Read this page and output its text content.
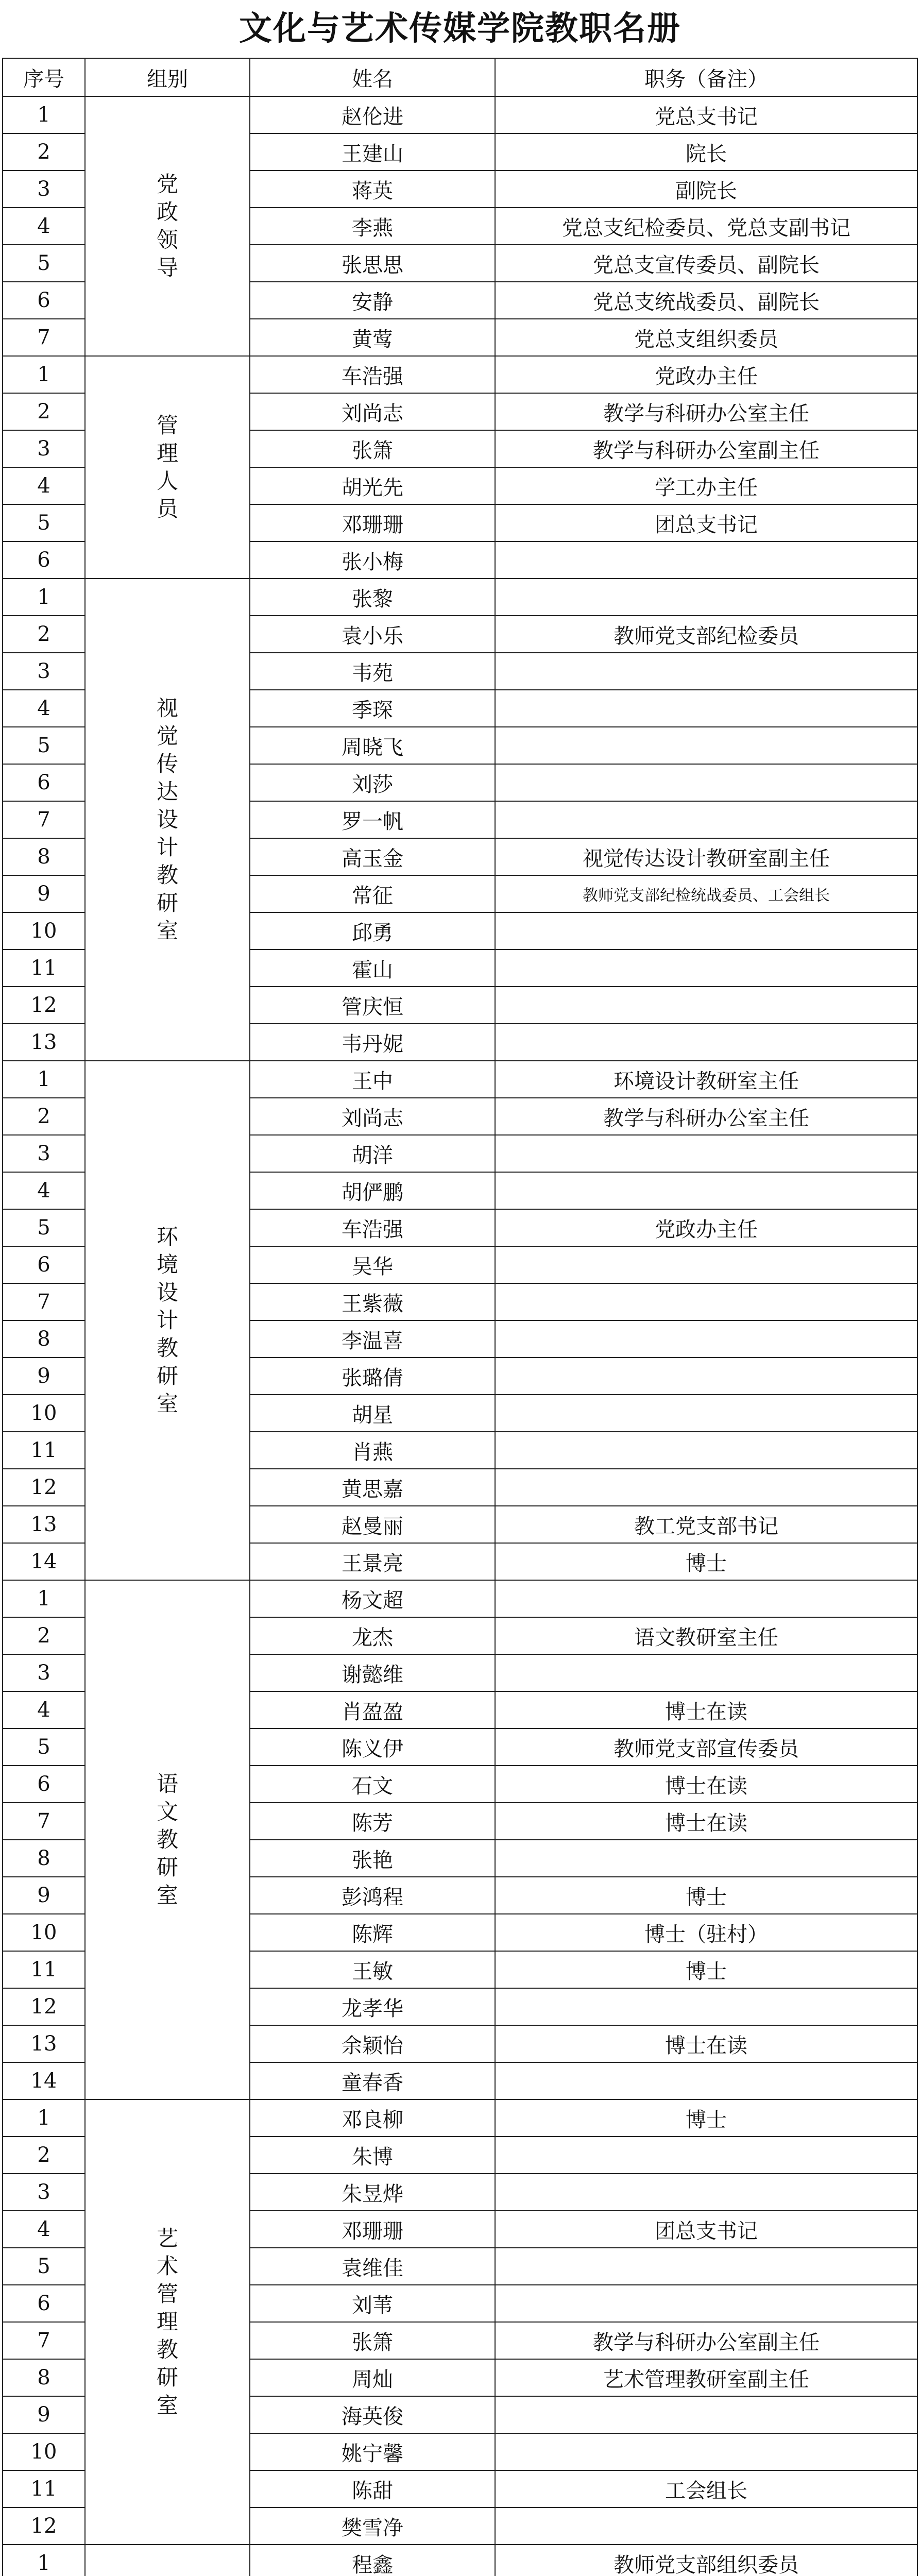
文化与艺术传媒学院教职名册
序号	组别	姓名	职务（备注）
1	党政领导	赵伦进	党总支书记
2		王建山	院长
3		蒋英	副院长
4		李燕	党总支纪检委员、党总支副书记
5		张思思	党总支宣传委员、副院长
6		安静	党总支统战委员、副院长
7		黄莺	党总支组织委员
1	管理人员	车浩强	党政办主任
2		刘尚志	教学与科研办公室主任
3		张箫	教学与科研办公室副主任
4		胡光先	学工办主任
5		邓珊珊	团总支书记
6		张小梅	
1	视觉传达设计教研室	张黎	
2		袁小乐	教师党支部纪检委员
3		韦苑	
4		季琛	
5		周晓飞	
6		刘莎	
7		罗一帆	
8		高玉金	视觉传达设计教研室副主任
9		常征	教师党支部纪检统战委员、工会组长
10		邱勇	
11		霍山	
12		管庆恒	
13		韦丹妮	
1	环境设计教研室	王中	环境设计教研室主任
2		刘尚志	教学与科研办公室主任
3		胡洋	
4		胡俨鹏	
5		车浩强	党政办主任
6		吴华	
7		王紫薇	
8		李温喜	
9		张璐倩	
10		胡星	
11		肖燕	
12		黄思嘉	
13		赵曼丽	教工党支部书记
14		王景亮	博士
1	语文教研室	杨文超	
2		龙杰	语文教研室主任
3		谢懿维	
4		肖盈盈	博士在读
5		陈义伊	教师党支部宣传委员
6		石文	博士在读
7		陈芳	博士在读
8		张艳	
9		彭鸿程	博士
10		陈辉	博士（驻村）
11		王敏	博士
12		龙孝华	
13		余颖怡	博士在读
14		童春香	
1	艺术管理教研室	邓良柳	博士
2		朱博	
3		朱昱烨	
4		邓珊珊	团总支书记
5		袁维佳	
6		刘苇	
7		张箫	教学与科研办公室副主任
8		周灿	艺术管理教研室副主任
9		海英俊	
10		姚宁馨	
11		陈甜	工会组长
12		樊雪净	
1		程鑫	教师党支部组织委员
